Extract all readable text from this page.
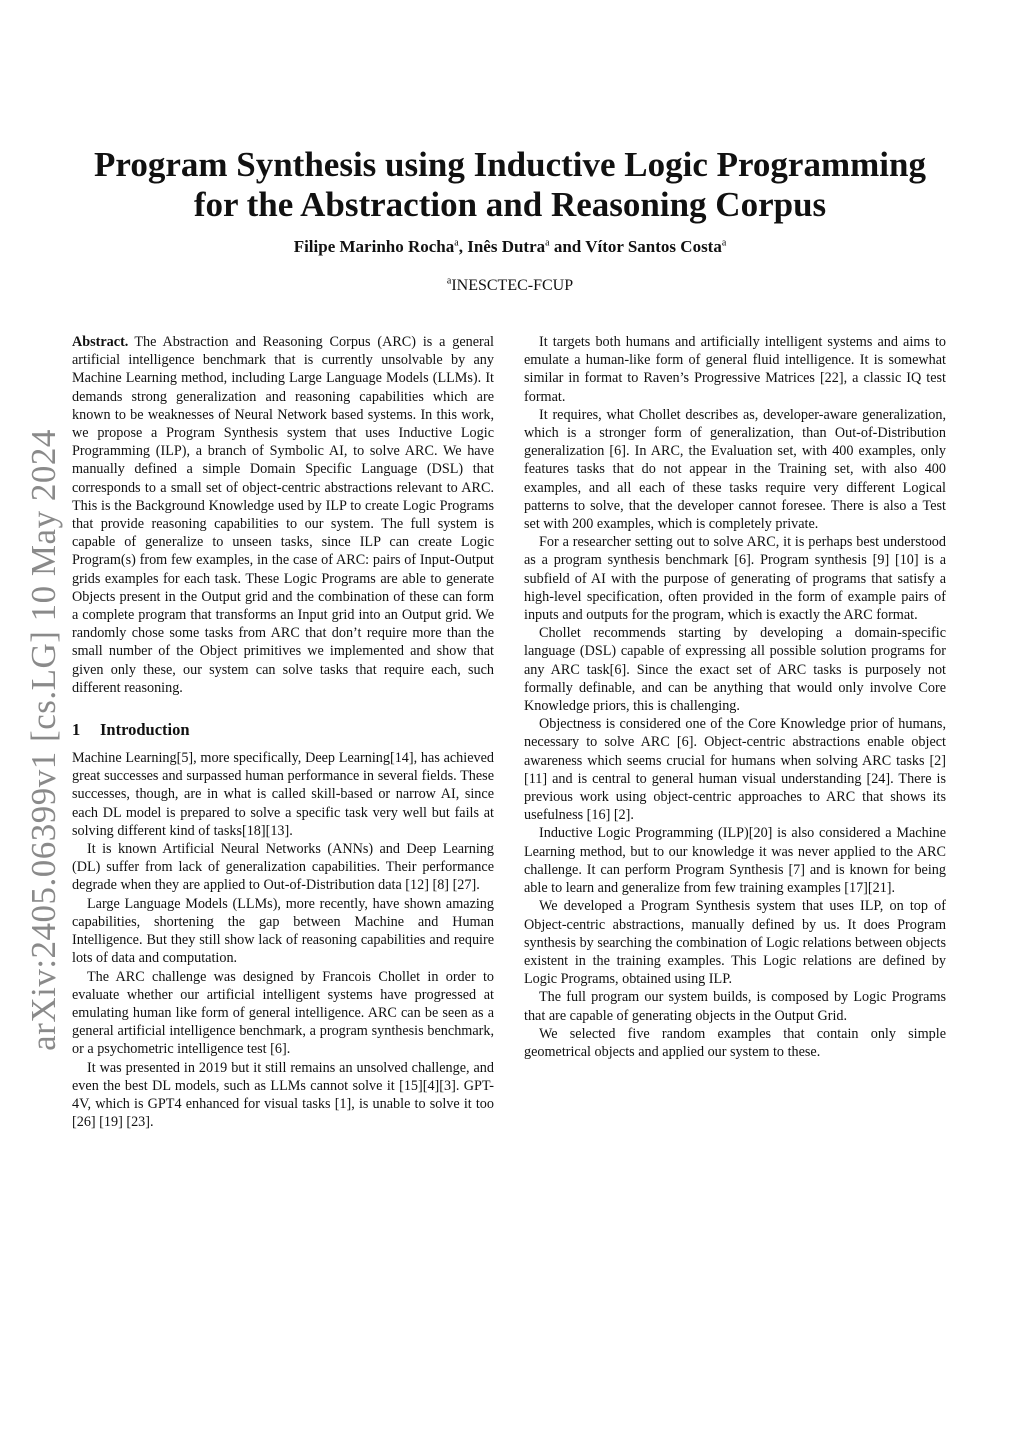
arXiv:2405.06399v1 [cs.LG] 10 May 2024
Program Synthesis using Inductive Logic Programming
for the Abstraction and Reasoning Corpus
Filipe Marinho Rocha$^a$, Inês Dutra$^a$ and Vítor Santos Costa$^a$
$^a$INESCTEC-FCUP

Abstract. The Abstraction and Reasoning Corpus (ARC) is a general artificial intelligence benchmark that is currently unsolvable by any Machine Learning method, including Large Language Models (LLMs). It demands strong generalization and reasoning capabilities which are known to be weaknesses of Neural Network based systems. In this work, we propose a Program Synthesis system that uses Inductive Logic Programming (ILP), a branch of Symbolic AI, to solve ARC. We have manually defined a simple Domain Specific Language (DSL) that corresponds to a small set of object-centric abstractions relevant to ARC. This is the Background Knowledge used by ILP to create Logic Programs that provide reasoning capabilities to our system. The full system is capable of generalize to unseen tasks, since ILP can create Logic Program(s) from few examples, in the case of ARC: pairs of Input-Output grids examples for each task. These Logic Programs are able to generate Objects present in the Output grid and the combination of these can form a complete program that transforms an Input grid into an Output grid. We randomly chose some tasks from ARC that don’t require more than the small number of the Object primitives we implemented and show that given only these, our system can solve tasks that require each, such different reasoning.

1 Introduction

Machine Learning[5], more specifically, Deep Learning[14], has achieved great successes and surpassed human performance in several fields. These successes, though, are in what is called skill-based or narrow AI, since each DL model is prepared to solve a specific task very well but fails at solving different kind of tasks[18][13].

It is known Artificial Neural Networks (ANNs) and Deep Learning (DL) suffer from lack of generalization capabilities. Their performance degrade when they are applied to Out-of-Distribution data [12] [8] [27].

Large Language Models (LLMs), more recently, have shown amazing capabilities, shortening the gap between Machine and Human Intelligence. But they still show lack of reasoning capabilities and require lots of data and computation.

The ARC challenge was designed by Francois Chollet in order to evaluate whether our artificial intelligent systems have progressed at emulating human like form of general intelligence. ARC can be seen as a general artificial intelligence benchmark, a program synthesis benchmark, or a psychometric intelligence test [6].

It was presented in 2019 but it still remains an unsolved challenge, and even the best DL models, such as LLMs cannot solve it [15][4][3]. GPT-4V, which is GPT4 enhanced for visual tasks [1], is unable to solve it too [26] [19] [23].

It targets both humans and artificially intelligent systems and aims to emulate a human-like form of general fluid intelligence. It is somewhat similar in format to Raven’s Progressive Matrices [22], a classic IQ test format.

It requires, what Chollet describes as, developer-aware generalization, which is a stronger form of generalization, than Out-of-Distribution generalization [6]. In ARC, the Evaluation set, with 400 examples, only features tasks that do not appear in the Training set, with also 400 examples, and all each of these tasks require very different Logical patterns to solve, that the developer cannot foresee. There is also a Test set with 200 examples, which is completely private.

For a researcher setting out to solve ARC, it is perhaps best understood as a program synthesis benchmark [6]. Program synthesis [9] [10] is a subfield of AI with the purpose of generating of programs that satisfy a high-level specification, often provided in the form of example pairs of inputs and outputs for the program, which is exactly the ARC format.

Chollet recommends starting by developing a domain-specific language (DSL) capable of expressing all possible solution programs for any ARC task[6]. Since the exact set of ARC tasks is purposely not formally definable, and can be anything that would only involve Core Knowledge priors, this is challenging.

Objectness is considered one of the Core Knowledge prior of humans, necessary to solve ARC [6]. Object-centric abstractions enable object awareness which seems crucial for humans when solving ARC tasks [2][11] and is central to general human visual understanding [24]. There is previous work using object-centric approaches to ARC that shows its usefulness [16] [2].

Inductive Logic Programming (ILP)[20] is also considered a Machine Learning method, but to our knowledge it was never applied to the ARC challenge. It can perform Program Synthesis [7] and is known for being able to learn and generalize from few training examples [17][21].

We developed a Program Synthesis system that uses ILP, on top of Object-centric abstractions, manually defined by us. It does Program synthesis by searching the combination of Logic relations between objects existent in the training examples. This Logic relations are defined by Logic Programs, obtained using ILP.

The full program our system builds, is composed by Logic Programs that are capable of generating objects in the Output Grid.

We selected five random examples that contain only simple geometrical objects and applied our system to these.
